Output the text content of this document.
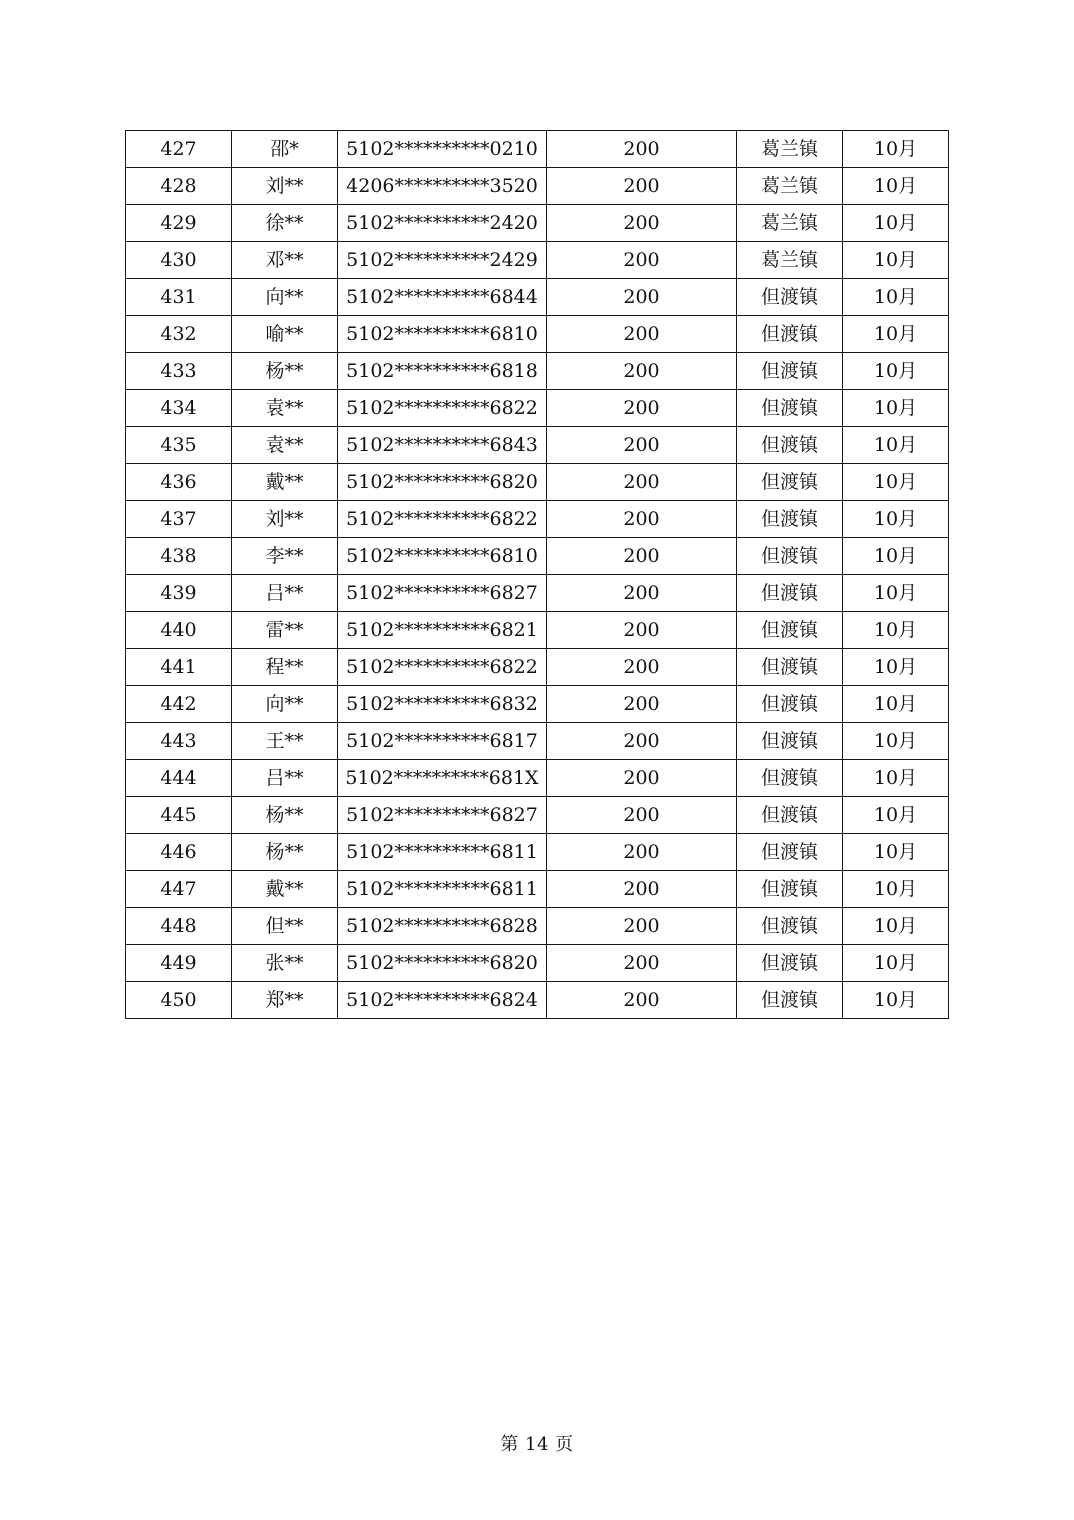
427	邵*	5102**********0210	200	葛兰镇	10月
428	刘**	4206**********3520	200	葛兰镇	10月
429	徐**	5102**********2420	200	葛兰镇	10月
430	邓**	5102**********2429	200	葛兰镇	10月
431	向**	5102**********6844	200	但渡镇	10月
432	喻**	5102**********6810	200	但渡镇	10月
433	杨**	5102**********6818	200	但渡镇	10月
434	袁**	5102**********6822	200	但渡镇	10月
435	袁**	5102**********6843	200	但渡镇	10月
436	戴**	5102**********6820	200	但渡镇	10月
437	刘**	5102**********6822	200	但渡镇	10月
438	李**	5102**********6810	200	但渡镇	10月
439	吕**	5102**********6827	200	但渡镇	10月
440	雷**	5102**********6821	200	但渡镇	10月
441	程**	5102**********6822	200	但渡镇	10月
442	向**	5102**********6832	200	但渡镇	10月
443	王**	5102**********6817	200	但渡镇	10月
444	吕**	5102**********681X	200	但渡镇	10月
445	杨**	5102**********6827	200	但渡镇	10月
446	杨**	5102**********6811	200	但渡镇	10月
447	戴**	5102**********6811	200	但渡镇	10月
448	但**	5102**********6828	200	但渡镇	10月
449	张**	5102**********6820	200	但渡镇	10月
450	郑**	5102**********6824	200	但渡镇	10月
第 14 页
